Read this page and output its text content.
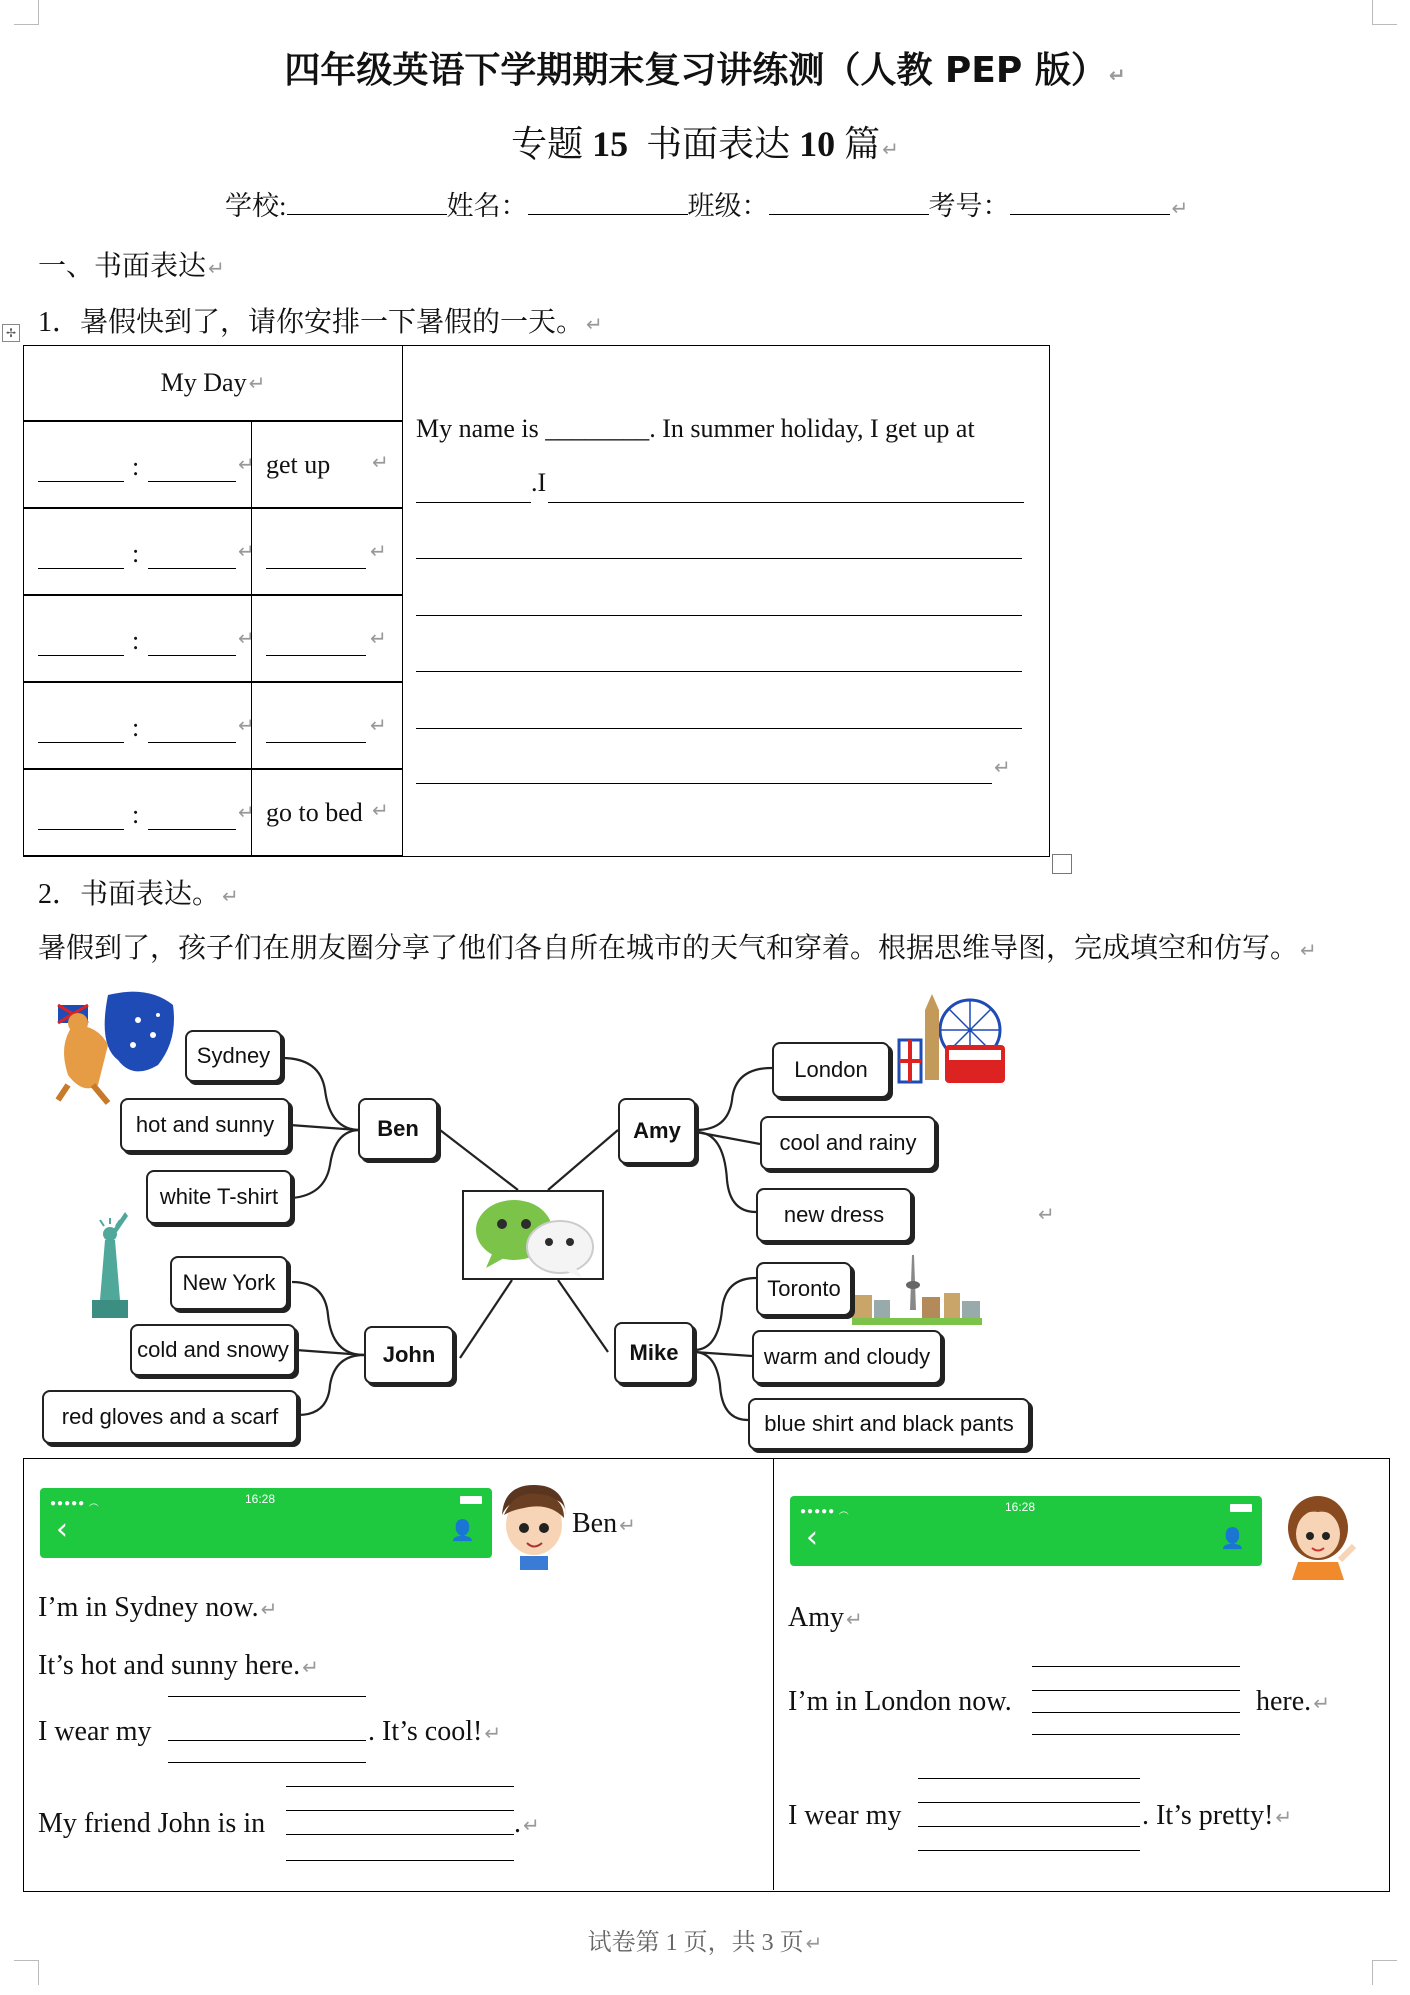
四年级英语下学期期末复习讲练测（人教 PEP 版） ↵
专题 15  书面表达 10 篇 ↵
学校:	姓名：	班级：	考号：	↵
一、书面表达 ↵
1．暑假快到了，请你安排一下暑假的一天。 ↵
✢
My Day ↵
:	↵ get up ↵
:	↵	↵
:	↵	↵
:	↵	↵
:	↵ go to bed ↵
My name is ________. In summer holiday, I get up at
.I
↵
2．书面表达。 ↵
暑假到了，孩子们在朋友圈分享了他们各自所在城市的天气和穿着。根据思维导图，完成填空和仿写。 ↵
Sydney
hot and sunny
white T-shirt
Ben
New York
cold and snowy
red gloves and a scarf
John
London
cool and rainy
new dress
Amy
Toronto
warm and cloudy
blue shirt and black pants
Mike
↵
●●●●● ︵	16:28
‹	👤	Ben ↵
I’m in Sydney now. ↵
It’s hot and sunny here. ↵
I wear my	. It’s cool! ↵
My friend John is in	. ↵
●●●●● ︵	16:28
‹	👤
Amy ↵
I’m in London now.	here. ↵
I wear my	. It’s pretty! ↵
试卷第 1 页，共 3 页 ↵
